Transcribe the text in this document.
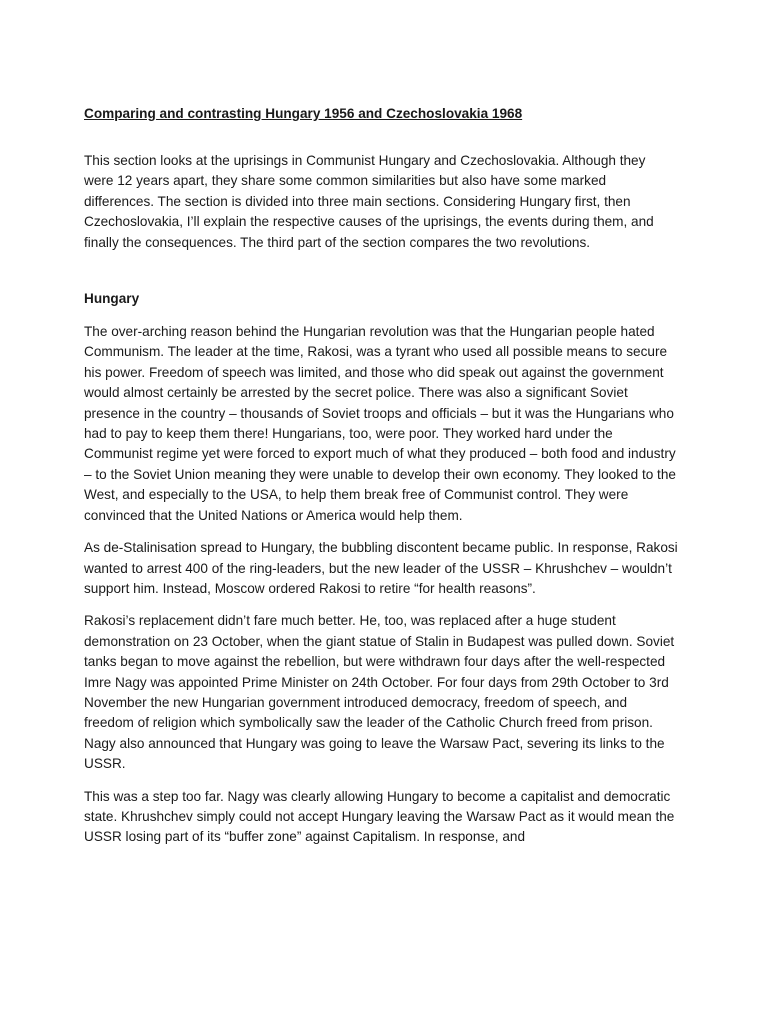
Comparing and contrasting Hungary 1956 and Czechoslovakia 1968

This section looks at the uprisings in Communist Hungary and Czechoslovakia. Although they were 12 years apart, they share some common similarities but also have some marked differences. The section is divided into three main sections. Considering Hungary first, then Czechoslovakia, I’ll explain the respective causes of the uprisings, the events during them, and finally the consequences. The third part of the section compares the two revolutions.

Hungary

The over-arching reason behind the Hungarian revolution was that the Hungarian people hated Communism. The leader at the time, Rakosi, was a tyrant who used all possible means to secure his power. Freedom of speech was limited, and those who did speak out against the government would almost certainly be arrested by the secret police. There was also a significant Soviet presence in the country – thousands of Soviet troops and officials – but it was the Hungarians who had to pay to keep them there! Hungarians, too, were poor. They worked hard under the Communist regime yet were forced to export much of what they produced – both food and industry – to the Soviet Union meaning they were unable to develop their own economy. They looked to the West, and especially to the USA, to help them break free of Communist control. They were convinced that the United Nations or America would help them.

As de-Stalinisation spread to Hungary, the bubbling discontent became public. In response, Rakosi wanted to arrest 400 of the ring-leaders, but the new leader of the USSR – Khrushchev – wouldn’t support him. Instead, Moscow ordered Rakosi to retire “for health reasons”.

Rakosi’s replacement didn’t fare much better. He, too, was replaced after a huge student demonstration on 23 October, when the giant statue of Stalin in Budapest was pulled down. Soviet tanks began to move against the rebellion, but were withdrawn four days after the well-respected Imre Nagy was appointed Prime Minister on 24th October. For four days from 29th October to 3rd November the new Hungarian government introduced democracy, freedom of speech, and freedom of religion which symbolically saw the leader of the Catholic Church freed from prison. Nagy also announced that Hungary was going to leave the Warsaw Pact, severing its links to the USSR.

This was a step too far. Nagy was clearly allowing Hungary to become a capitalist and democratic state. Khrushchev simply could not accept Hungary leaving the Warsaw Pact as it would mean the USSR losing part of its “buffer zone” against Capitalism. In response, and
